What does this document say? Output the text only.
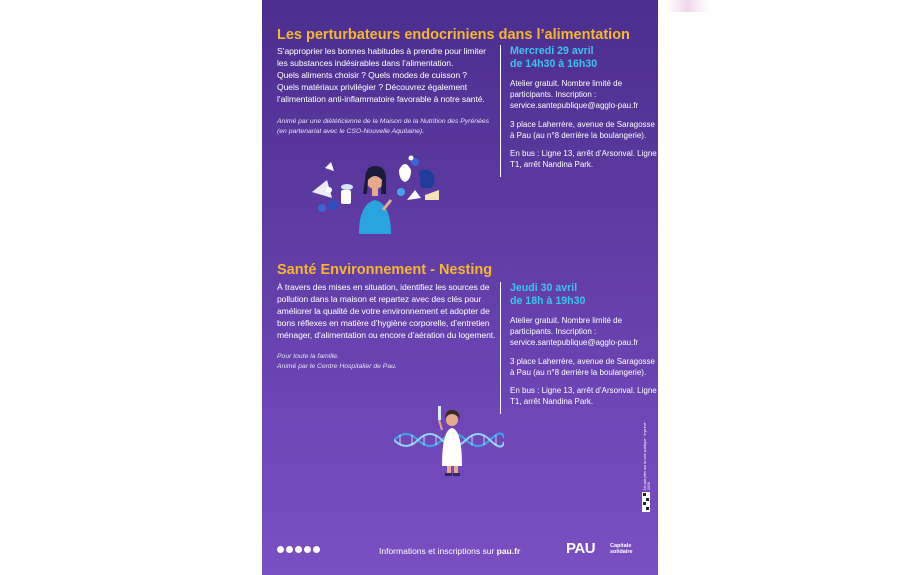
Les perturbateurs endocriniens dans l’alimentation
S’approprier les bonnes habitudes à prendre pour limiter
les substances indésirables dans l’alimentation.
Quels aliments choisir ? Quels modes de cuisson ?
Quels matériaux privilégier ? Découvrez également
l’alimentation anti-inflammatoire favorable à notre santé.
Animé par une diététicienne de la Maison de la Nutrition des Pyrénées
(en partenariat avec le CSO-Nouvelle Aquitaine).
Mercredi 29 avril
de 14h30 à 16h30

Atelier gratuit. Nombre limité de participants. Inscription : service.santepublique@agglo-pau.fr

3 place Laherrère, avenue de Saragosse à Pau (au n°8 derrière la boulangerie).

En bus : Ligne 13, arrêt d’Arsonval. Ligne T1, arrêt Nandina Park.

Santé Environnement - Nesting
À travers des mises en situation, identifiez les sources de
pollution dans la maison et repartez avec des clés pour
améliorer la qualité de votre environnement et adopter de
bons réflexes en matière d’hygiène corporelle, d’entretien
ménager, d’alimentation ou encore d’aération du logement.
Pour toute la famille.
Animé par le Centre Hospitalier de Pau.
Jeudi 30 avril
de 18h à 19h30

Atelier gratuit. Nombre limité de participants. Inscription : service.santepublique@agglo-pau.fr

3 place Laherrère, avenue de Saragosse à Pau (au n°8 derrière la boulangerie).

En bus : Ligne 13, arrêt d’Arsonval. Ligne T1, arrêt Nandina Park.

Ne pas jeter sur la voie publique · Imprimé · 2026
Informations et inscriptions sur pau.fr	PAU	Capitale
solidaire
